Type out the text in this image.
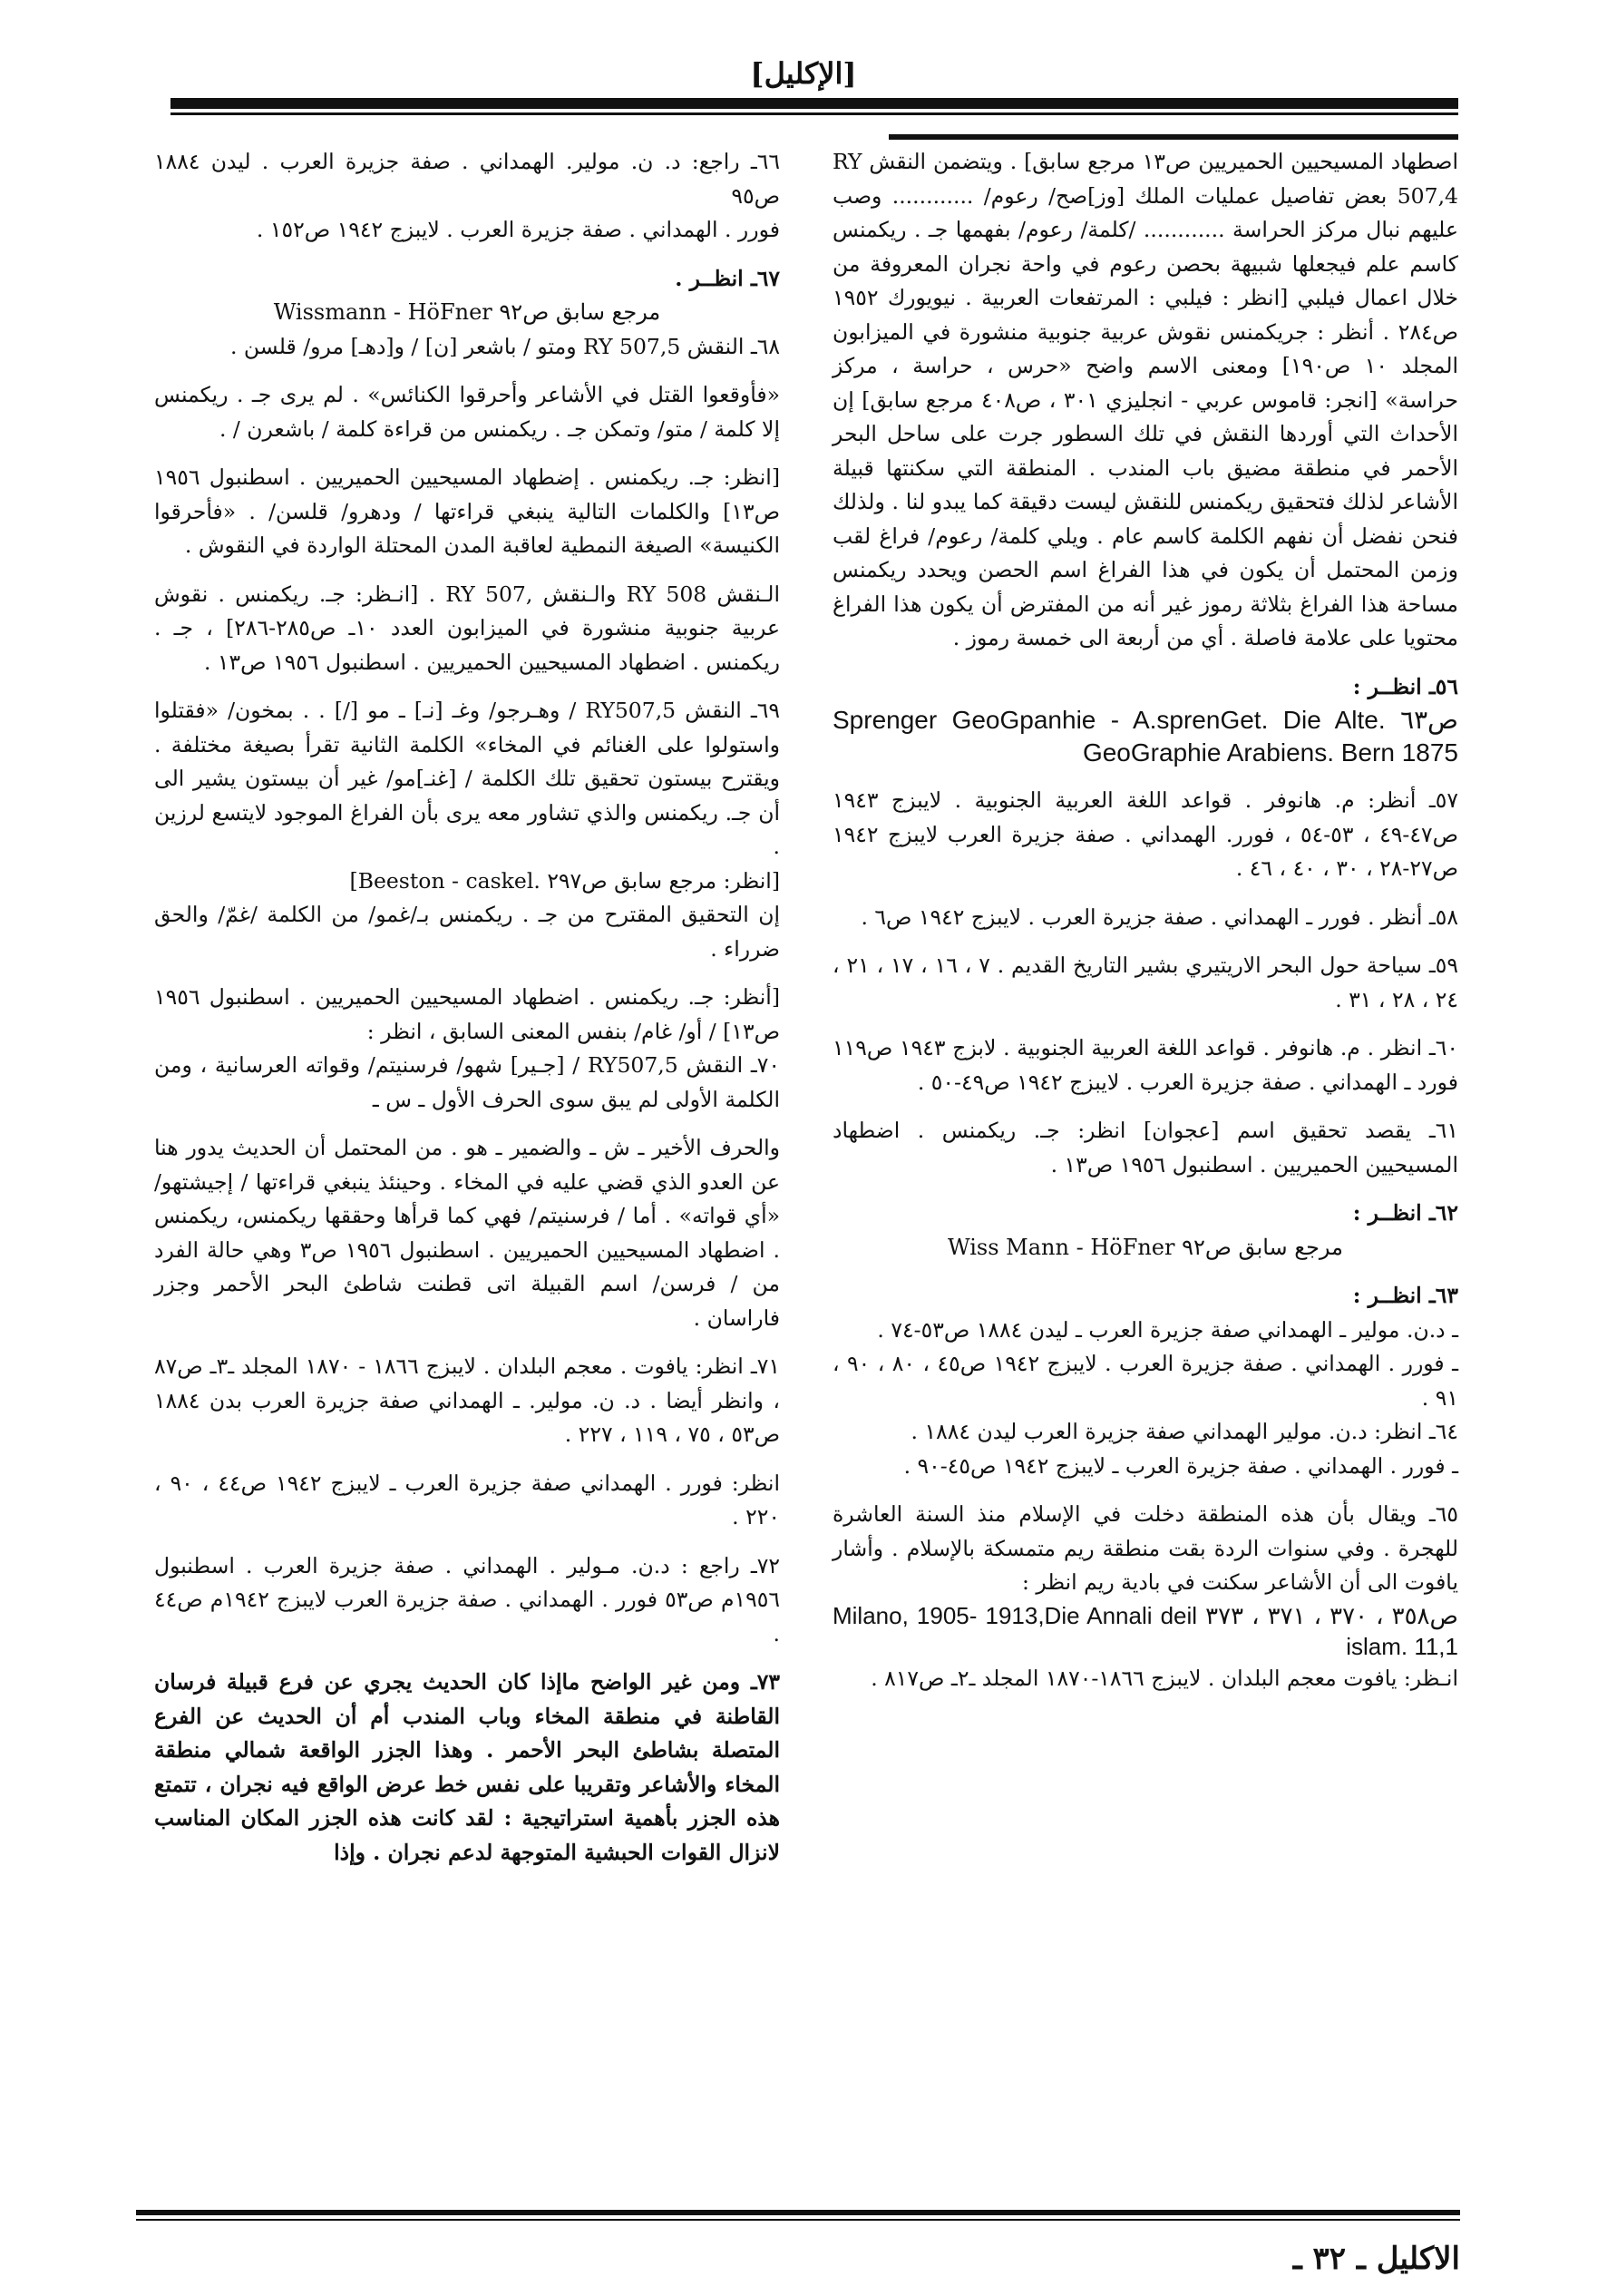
[الإكليل]

اصطهاد المسيحيين الحميريين ص١٣ مرجع سابق] . ويتضمن النقش RY 507,4 بعض تفاصيل عمليات الملك [وز]صح/ رعوم/ ............ وصب عليهم نبال مركز الحراسة ............ /كلمة/ رعوم/ بفهمها جـ . ريكمنس كاسم علم فيجعلها شبيهة بحصن رعوم في واحة نجران المعروفة من خلال اعمال فيلبي [انظر : فيلبي : المرتفعات العربية . نيويورك ١٩٥٢ ص٢٨٤ . أنظر : جريكمنس نقوش عربية جنوبية منشورة في الميزابون المجلد ١٠ ص١٩٠] ومعنى الاسم واضح «حرس ، حراسة ، مركز حراسة» [انجر: قاموس عربي - انجليزي ٣٠١ ، ص٤٠٨ مرجع سابق] إن الأحداث التي أوردها النقش في تلك السطور جرت على ساحل البحر الأحمر في منطقة مضيق باب المندب . المنطقة التي سكنتها قبيلة الأشاعر لذلك فتحقيق ريكمنس للنقش ليست دقيقة كما يبدو لنا . ولذلك فنحن نفضل أن نفهم الكلمة كاسم عام . ويلي كلمة/ رعوم/ فراغ لقب وزمن المحتمل أن يكون في هذا الفراغ اسم الحصن ويحدد ريكمنس مساحة هذا الفراغ بثلاثة رموز غير أنه من المفترض أن يكون هذا الفراغ محتويا على علامة فاصلة . أي من أربعة الى خمسة رموز .

٥٦ـ انظــر :

ص٦٣ .Sprenger GeoGpanhie - A.sprenGet. Die Alte GeoGraphie Arabiens. Bern 1875

٥٧ـ أنظر: م. هانوفر . قواعد اللغة العربية الجنوبية . لايبزج ١٩٤٣ ص٤٧-٤٩ ، ٥٣-٥٤ ، فورر. الهمداني . صفة جزيرة العرب لايبزج ١٩٤٢ ص٢٧-٢٨ ، ٣٠ ، ٤٠ ، ٤٦ .

٥٨ـ أنظر . فورر ـ الهمداني . صفة جزيرة العرب . لايبزج ١٩٤٢ ص٦ .

٥٩ـ سياحة حول البحر الاريتيري بشير التاريخ القديم . ٧ ، ١٦ ، ١٧ ، ٢١ ، ٢٤ ، ٢٨ ، ٣١ .

٦٠ـ انظر . م. هانوفر . قواعد اللغة العربية الجنوبية . لابزج ١٩٤٣ ص١١٩ فورد ـ الهمداني . صفة جزيرة العرب . لايبزج ١٩٤٢ ص٤٩-٥٠ .

٦١ـ يقصد تحقيق اسم [عجوان] انظر: جـ. ريكمنس . اضطهاد المسيحيين الحميريين . اسطنبول ١٩٥٦ ص١٣ .

٦٢ـ انظــر :

مرجع سابق ص٩٢ Wiss Mann - HöFner

٦٣ـ انظــر :

ـ د.ن. مولير ـ الهمداني صفة جزيرة العرب ـ ليدن ١٨٨٤ ص٥٣-٧٤ .

ـ فورر . الهمداني . صفة جزيرة العرب . لايبزج ١٩٤٢ ص٤٥ ، ٨٠ ، ٩٠ ، ٩١ .

٦٤ـ انظر: د.ن. مولير الهمداني صفة جزيرة العرب ليدن ١٨٨٤ .

ـ فورر . الهمداني . صفة جزيرة العرب ـ لايبزج ١٩٤٢ ص٤٥-٩٠ .

٦٥ـ ويقال بأن هذه المنطقة دخلت في الإسلام منذ السنة العاشرة للهجرة . وفي سنوات الردة بقت منطقة ريم متمسكة بالإسلام . وأشار يافوت الى أن الأشاعر سكنت في بادية ريم انظر :

ص٣٥٨ ، ٣٧٠ ، ٣٧١ ، ٣٧٣ Milano, 1905- 1913,Die Annali deil islam. 11,1

انـظر: يافوت معجم البلدان . لايبزج ١٨٦٦-١٨٧٠ المجلد ـ٢ـ ص٨١٧ .

٦٦ـ راجع: د. ن. مولير. الهمداني . صفة جزيرة العرب . ليدن ١٨٨٤ ص٩٥

فورر . الهمداني . صفة جزيرة العرب . لايبزج ١٩٤٢ ص١٥٢ .

٦٧ـ انظــر .

مرجع سابق ص٩٢ Wissmann - HöFner

٦٨ـ النقش RY 507,5 ومتو / باشعر [ن] / و[دهـ] مرو/ قلسن .

«فأوقعوا القتل في الأشاعر وأحرقوا الكنائس» . لم يرى جـ . ريكمنس إلا كلمة / متو/ وتمكن جـ . ريكمنس من قراءة كلمة / باشعرن / .

[انظر: جـ. ريكمنس . إضطهاد المسيحيين الحميريين . اسطنبول ١٩٥٦ ص١٣] والكلمات التالية ينبغي قراءتها / ودهرو/ قلسن/ . «فأحرقوا الكنيسة» الصيغة النمطية لعاقبة المدن المحتلة الواردة في النقوش .

الـنقش RY 508 والـنقش ,RY 507 . [انـظر: جـ. ريكمنس . نقوش عربية جنوبية منشورة في الميزابون العدد ١٠ـ ص٢٨٥-٢٨٦] ، جـ . ريكمنس . اضطهاد المسيحيين الحميريين . اسطنبول ١٩٥٦ ص١٣ .

٦٩ـ النقش RY507,5 / وهـرجو/ وغـ [نـ] ـ مو [/] . . بمخون/ «فقتلوا واستولوا على الغنائم في المخاء» الكلمة الثانية تقرأ بصيغة مختلفة . ويقترح بيستون تحقيق تلك الكلمة / [غنـ]مو/ غير أن بيستون يشير الى أن جـ. ريكمنس والذي تشاور معه يرى بأن الفراغ الموجود لايتسع لرزين .

[انظر: مرجع سابق ص٢٩٧ .Beeston - caskel]

إن التحقيق المقترح من جـ . ريكمنس بـ/غمو/ من الكلمة /غمّ/ والحق ضرراء .

[أنظر: جـ. ريكمنس . اضطهاد المسيحيين الحميريين . اسطنبول ١٩٥٦ ص١٣] / أو/ غام/ بنفس المعنى السابق ، انظر :

٧٠ـ النقش RY507,5 / [جـير] شهو/ فرسنيتم/ وقواته العرسانية ، ومن الكلمة الأولى لم يبق سوى الحرف الأول ـ س ـ

والحرف الأخير ـ ش ـ والضمير ـ هو . من المحتمل أن الحديث يدور هنا عن العدو الذي قضي عليه في المخاء . وحينئذ ينبغي قراءتها / إجيشتهو/ «أي قواته» . أما / فرسنيتم/ فهي كما قرأها وحققها ريكمنس، ريكمنس . اضطهاد المسيحيين الحميريين . اسطنبول ١٩٥٦ ص٣ وهي حالة الفرد من / فرسن/ اسم القبيلة اتى قطنت شاطئ البحر الأحمر وجزر فاراسان .

٧١ـ انظر: يافوت . معجم البلدان . لايبزج ١٨٦٦ - ١٨٧٠ المجلد ـ٣ـ ص٨٧ ، وانظر أيضا . د. ن. مولير. ـ الهمداني صفة جزيرة العرب بدن ١٨٨٤ ص٥٣ ، ٧٥ ، ١١٩ ، ٢٢٧ .

انظر: فورر . الهمداني صفة جزيرة العرب ـ لايبزج ١٩٤٢ ص٤٤ ، ٩٠ ، ٢٢٠ .

٧٢ـ راجع : د.ن. مـولير . الهمداني . صفة جزيرة العرب . اسطنبول ١٩٥٦م ص٥٣ فورر . الهمداني . صفة جزيرة العرب لايبزج ١٩٤٢م ص٤٤ .

٧٣ـ ومن غير الواضح ماإذا كان الحديث يجري عن فرع قبيلة فرسان القاطنة في منطقة المخاء وباب المندب أم أن الحديث عن الفرع المتصلة بشاطئ البحر الأحمر . وهذا الجزر الواقعة شمالي منطقة المخاء والأشاعر وتقريبا على نفس خط عرض الواقع فيه نجران ، تتمتع هذه الجزر بأهمية استراتيجية : لقد كانت هذه الجزر المكان المناسب لانزال القوات الحبشية المتوجهة لدعم نجران . وإذا

الاكليل ـ ٣٢ ـ
